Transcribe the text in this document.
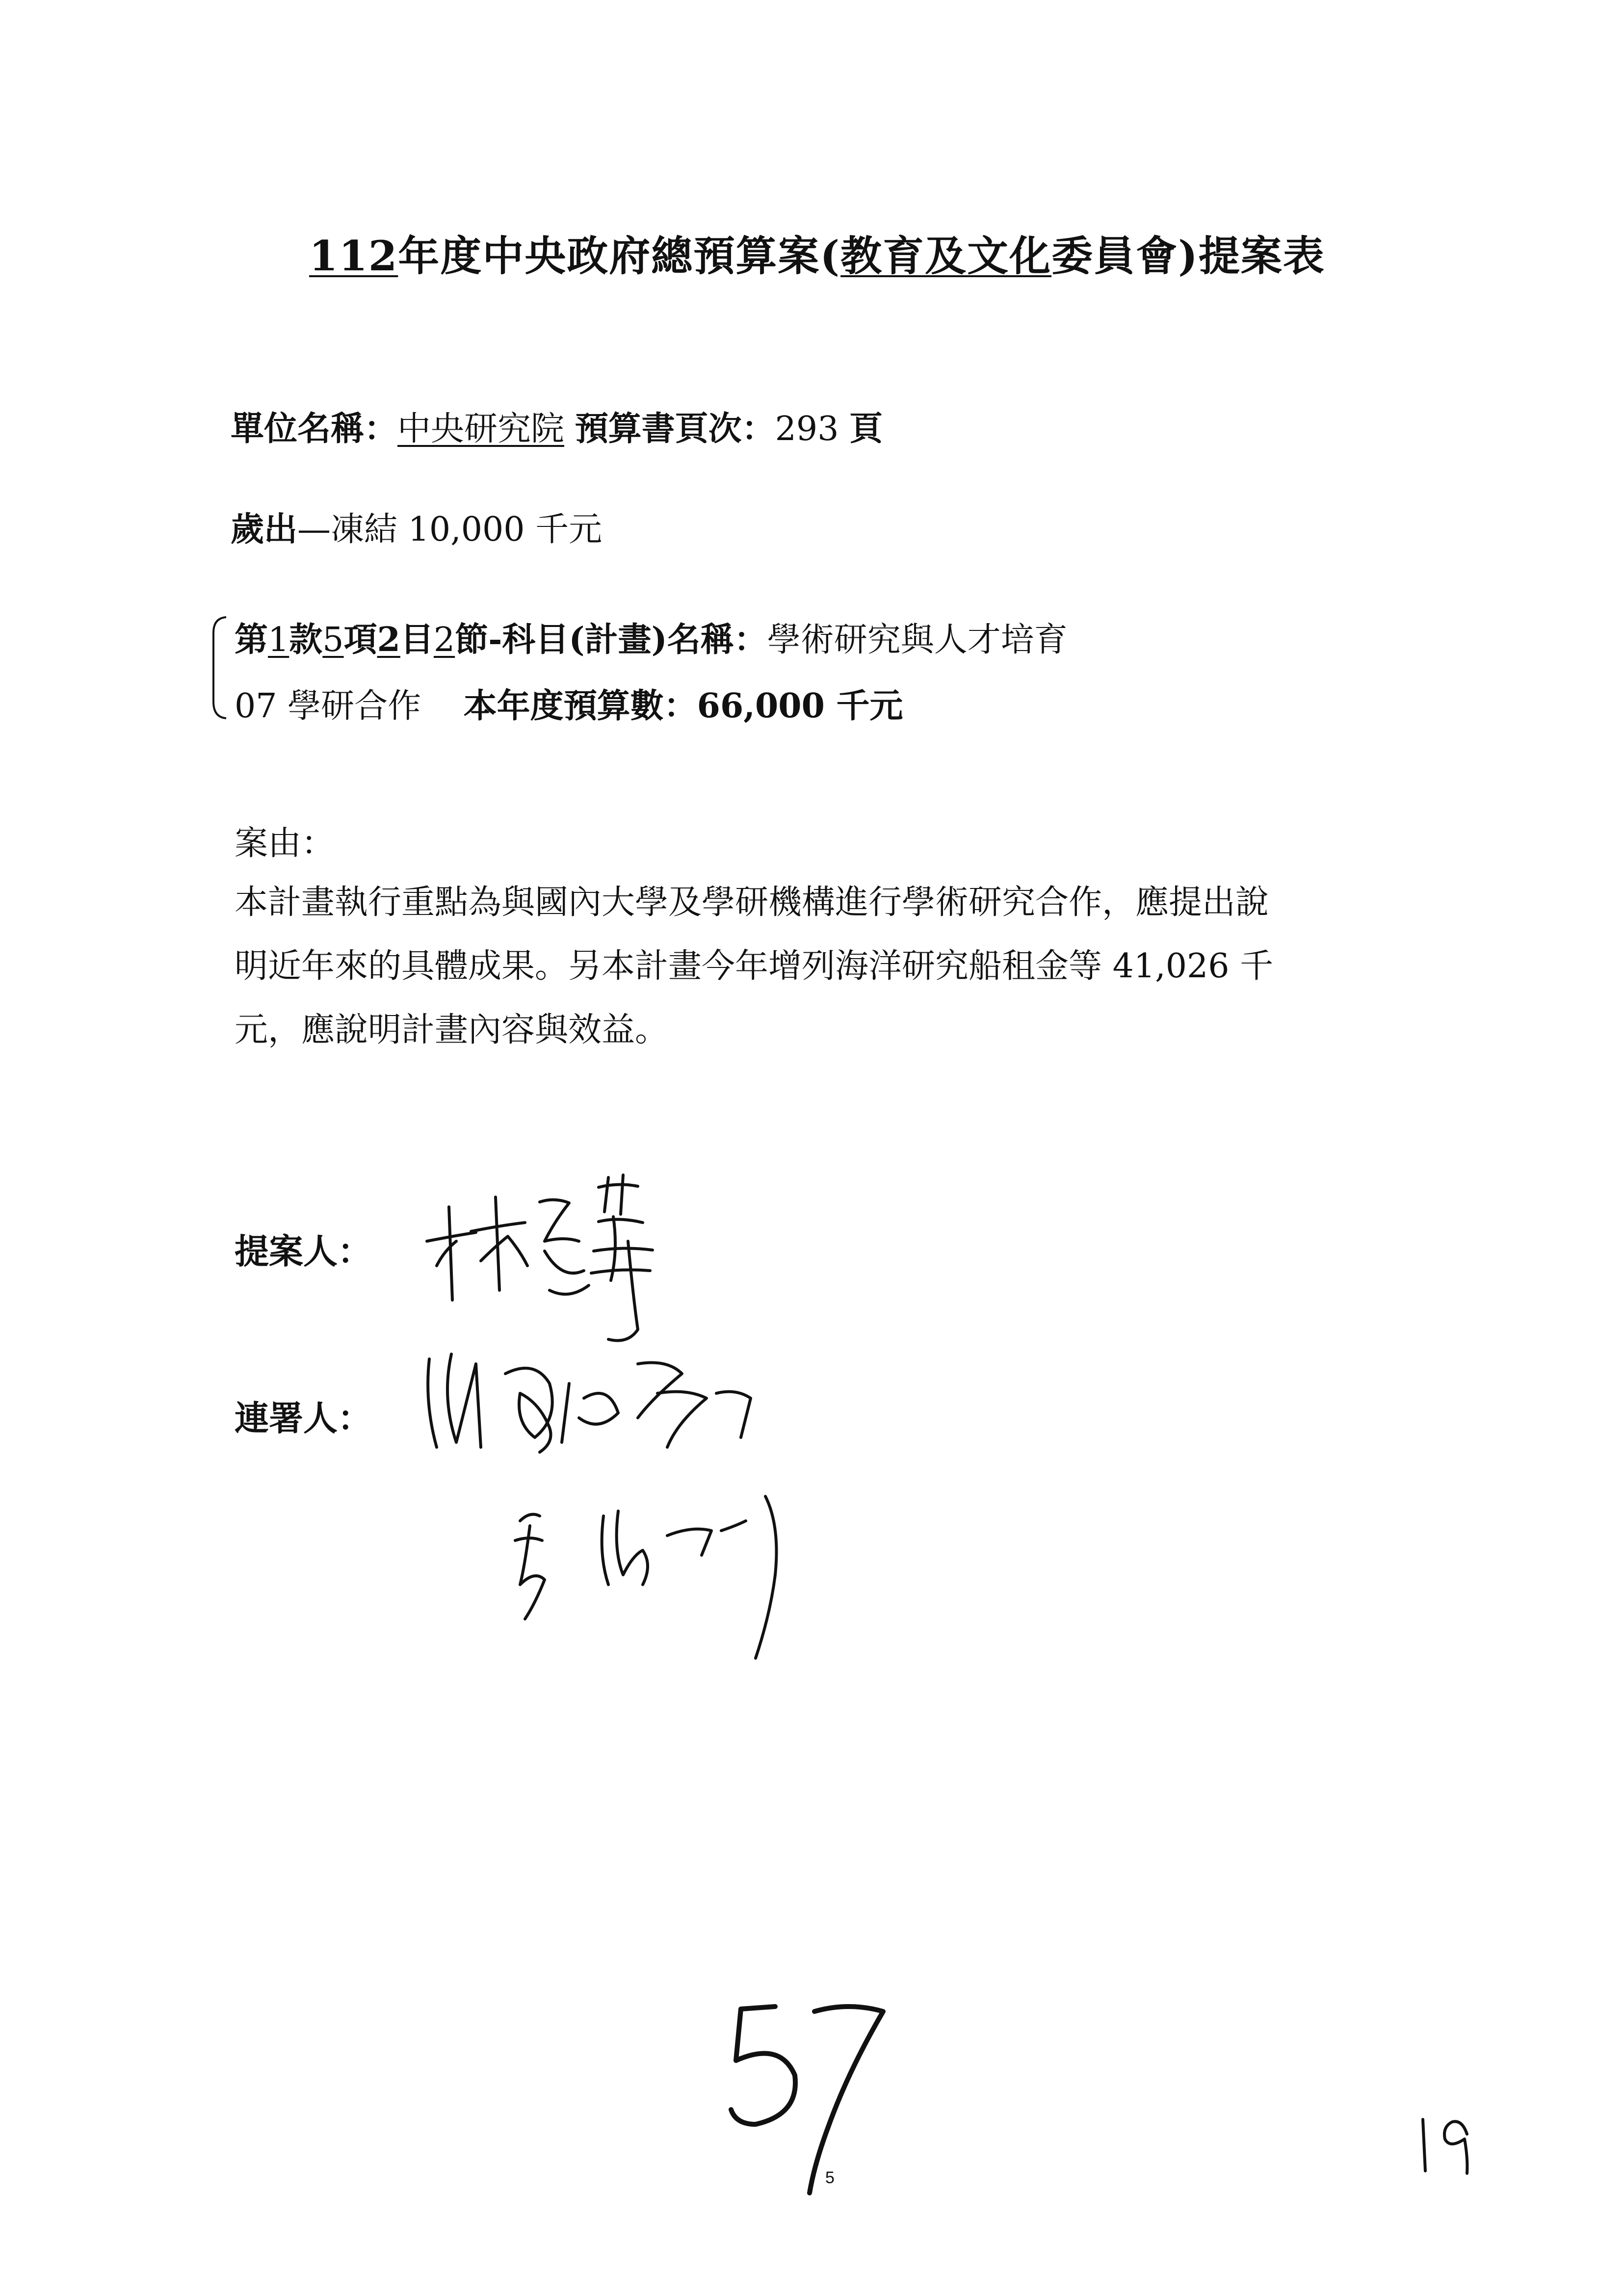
112年度中央政府總預算案(教育及文化委員會)提案表
單位名稱：中央研究院 預算書頁次：293 頁
歲出—凍結 10,000 千元
第1款5項2目2節-科目(計畫)名稱：學術研究與人才培育
07 學研合作 本年度預算數：66,000 千元
案由：
本計畫執行重點為與國內大學及學研機構進行學術研究合作，應提出說
明近年來的具體成果。另本計畫今年增列海洋研究船租金等 41,026 千
元，應說明計畫內容與效益。
提案人：
連署人：
5
